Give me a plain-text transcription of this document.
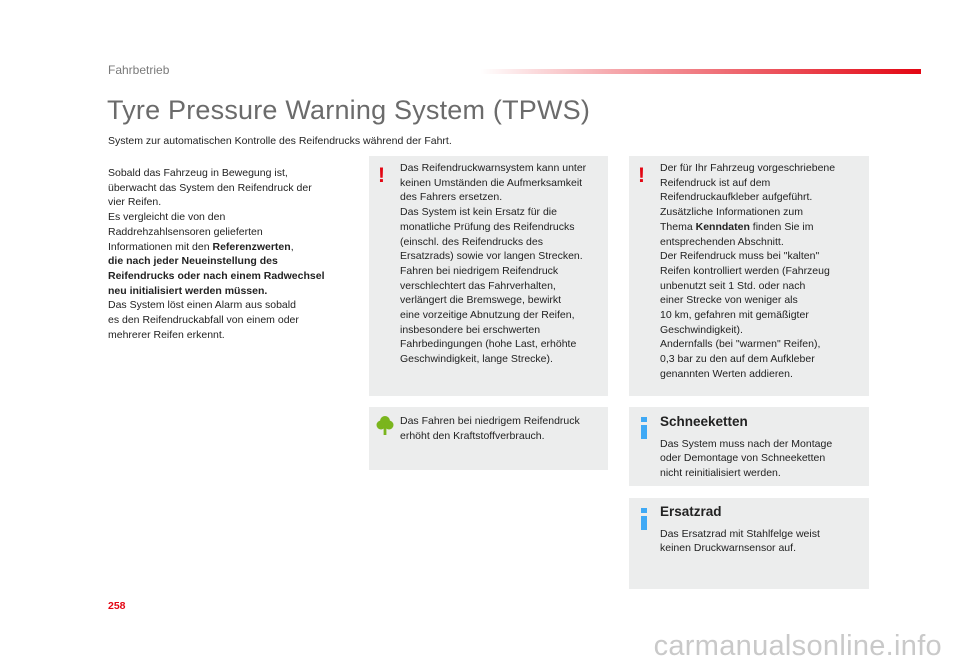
Fahrbetrieb
Tyre Pressure Warning System (TPWS)

System zur automatischen Kontrolle des Reifendrucks während der Fahrt.

Sobald das Fahrzeug in Bewegung ist,

überwacht das System den Reifendruck der

vier Reifen.

Es vergleicht die von den

Raddrehzahlsensoren gelieferten

Informationen mit den Referenzwerten,

die nach jeder Neueinstellung des

Reifendrucks oder nach einem Radwechsel

neu initialisiert werden müssen.

Das System löst einen Alarm aus sobald

es den Reifendruckabfall von einem oder

mehrerer Reifen erkennt.

! Das Reifendruckwarnsystem kann unter

keinen Umständen die Aufmerksamkeit

des Fahrers ersetzen.

Das System ist kein Ersatz für die

monatliche Prüfung des Reifendrucks

(einschl. des Reifendrucks des

Ersatzrads) sowie vor langen Strecken.

Fahren bei niedrigem Reifendruck

verschlechtert das Fahrverhalten,

verlängert die Bremswege, bewirkt

eine vorzeitige Abnutzung der Reifen,

insbesondere bei erschwerten

Fahrbedingungen (hohe Last, erhöhte

Geschwindigkeit, lange Strecke).

! Der für Ihr Fahrzeug vorgeschriebene

Reifendruck ist auf dem

Reifendruckaufkleber aufgeführt.

Zusätzliche Informationen zum

Thema Kenndaten finden Sie im

entsprechenden Abschnitt.

Der Reifendruck muss bei "kalten"

Reifen kontrolliert werden (Fahrzeug

unbenutzt seit 1 Std. oder nach

einer Strecke von weniger als

10 km, gefahren mit gemäßigter

Geschwindigkeit).

Andernfalls (bei "warmen" Reifen),

0,3 bar zu den auf dem Aufkleber

genannten Werten addieren.

Das Fahren bei niedrigem Reifendruck

erhöht den Kraftstoffverbrauch.

Schneeketten

Das System muss nach der Montage

oder Demontage von Schneeketten

nicht reinitialisiert werden.

Ersatzrad

Das Ersatzrad mit Stahlfelge weist

keinen Druckwarnsensor auf.

258
carmanualsonline.info
